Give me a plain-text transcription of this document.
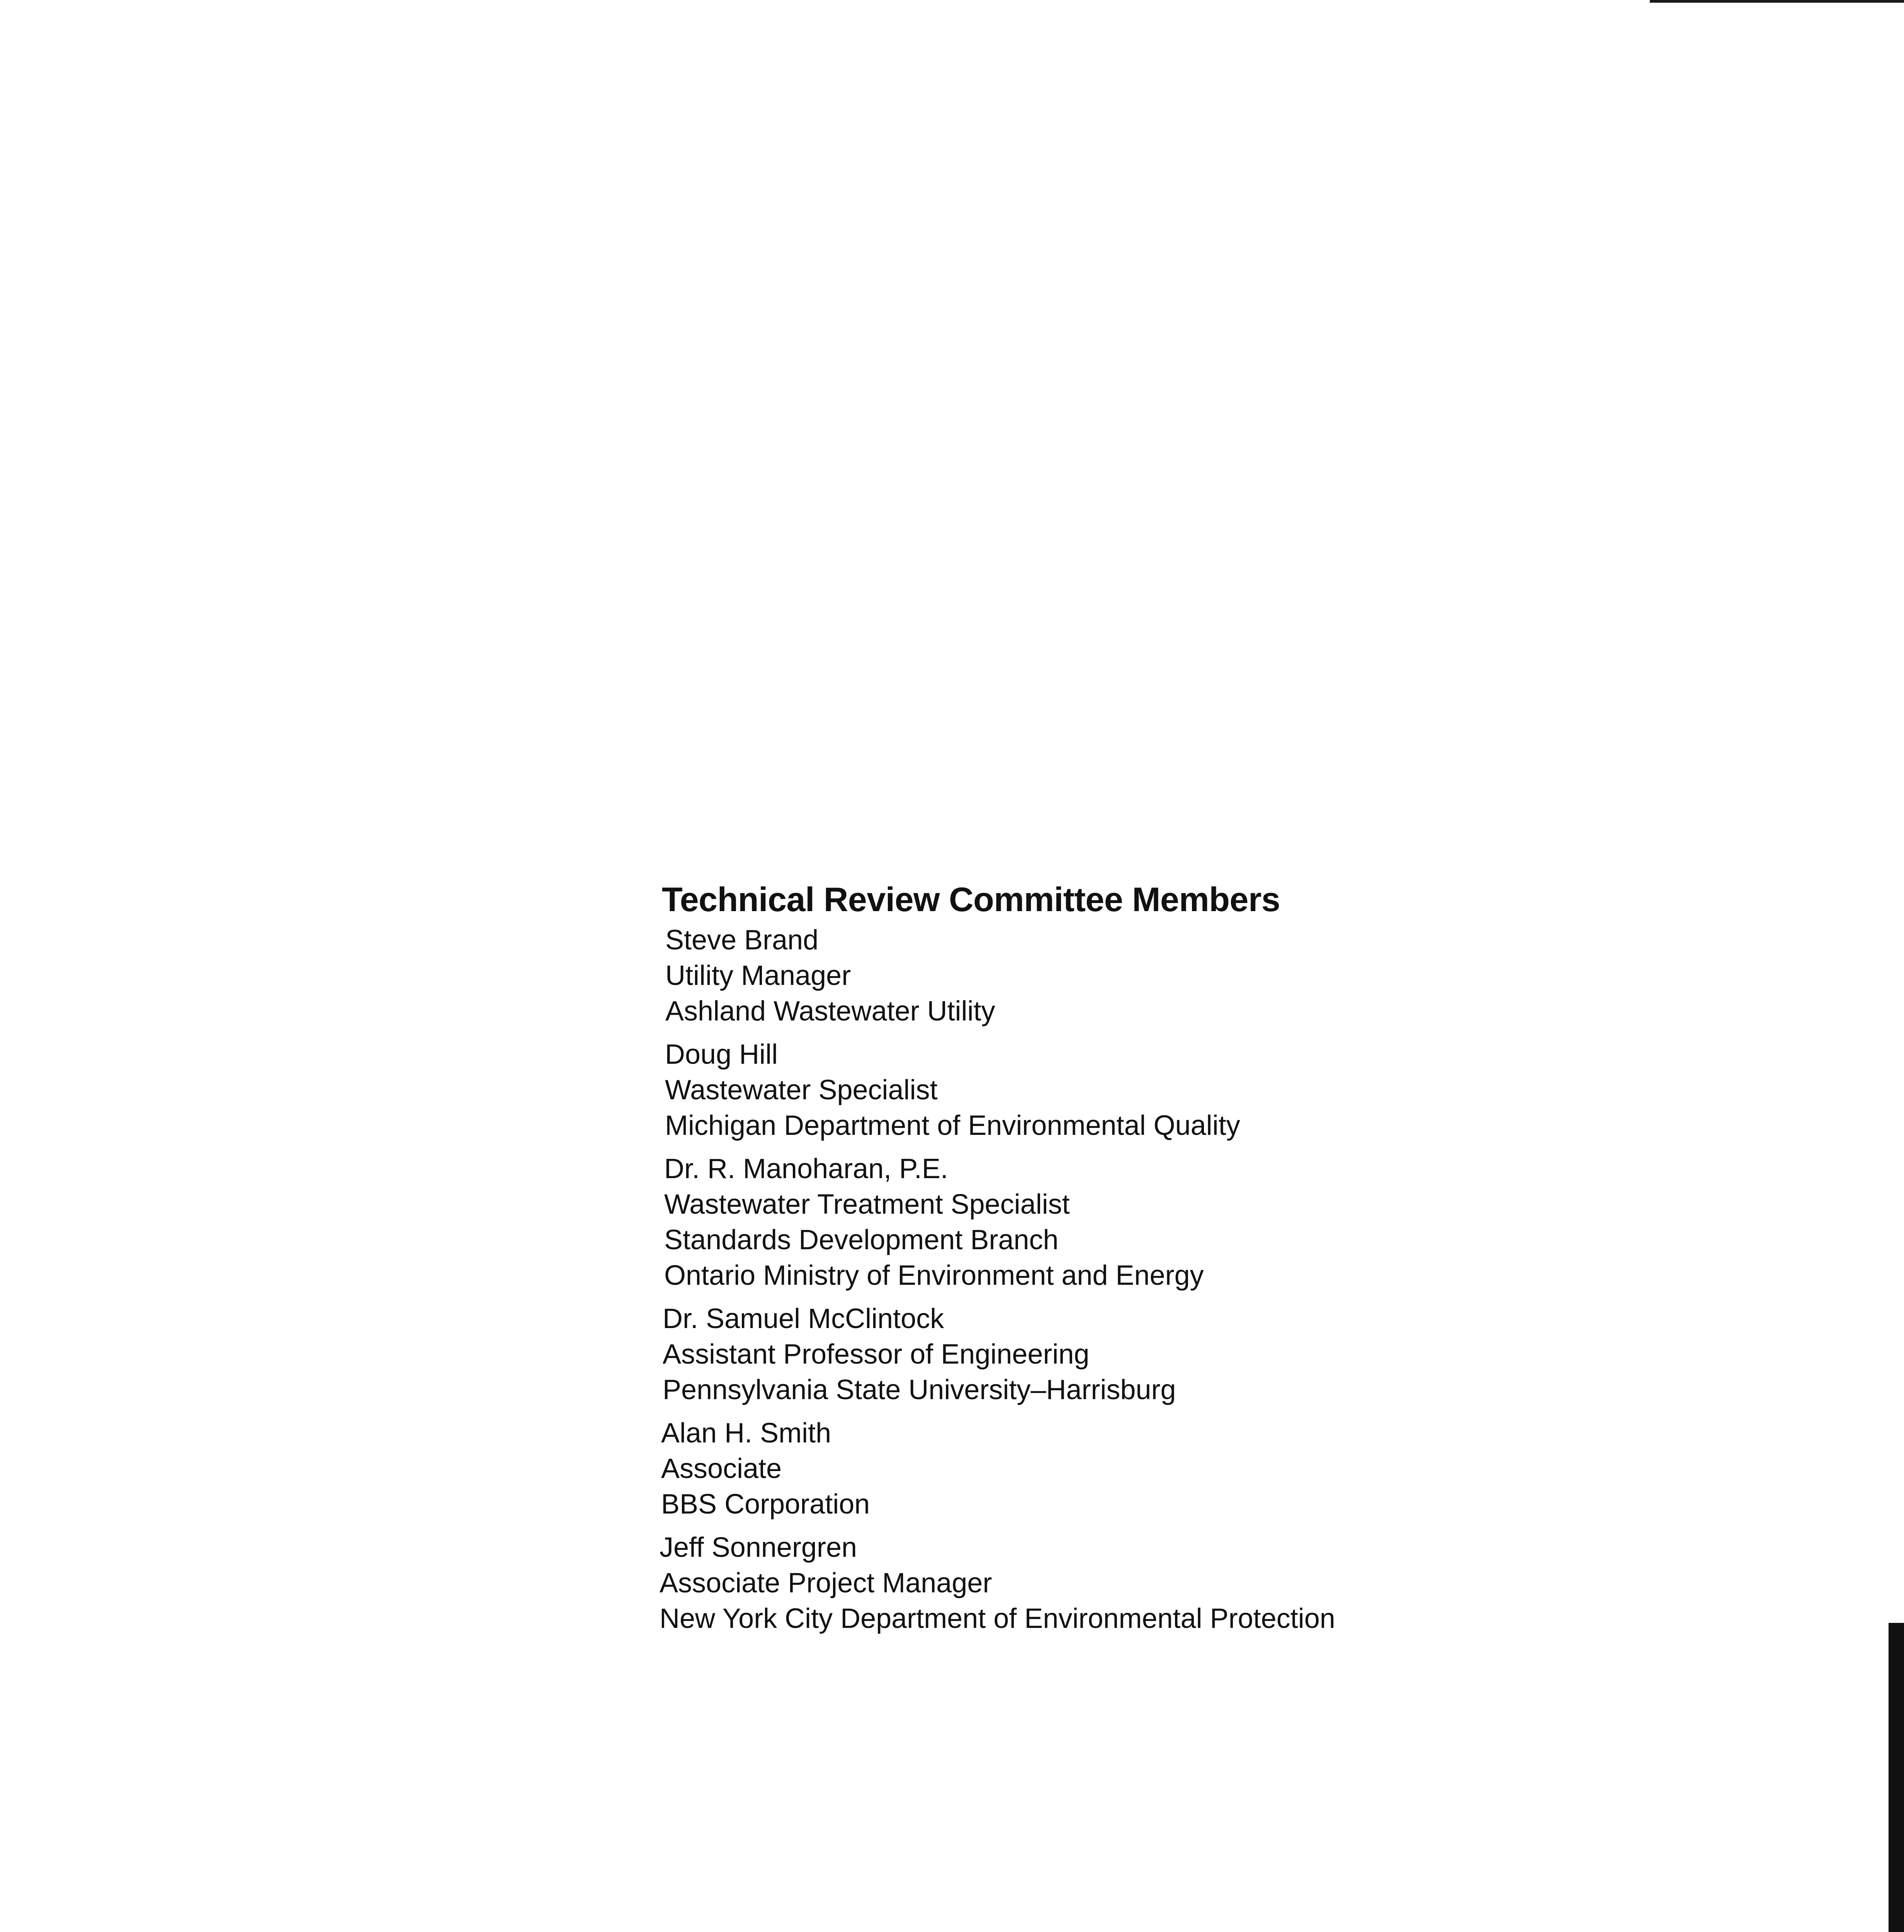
Technical Review Committee Members
Steve Brand
Utility Manager
Ashland Wastewater Utility
Doug Hill
Wastewater Specialist
Michigan Department of Environmental Quality
Dr. R. Manoharan, P.E.
Wastewater Treatment Specialist
Standards Development Branch
Ontario Ministry of Environment and Energy
Dr. Samuel McClintock
Assistant Professor of Engineering
Pennsylvania State University–Harrisburg
Alan H. Smith
Associate
BBS Corporation
Jeff Sonnergren
Associate Project Manager
New York City Department of Environmental Protection
